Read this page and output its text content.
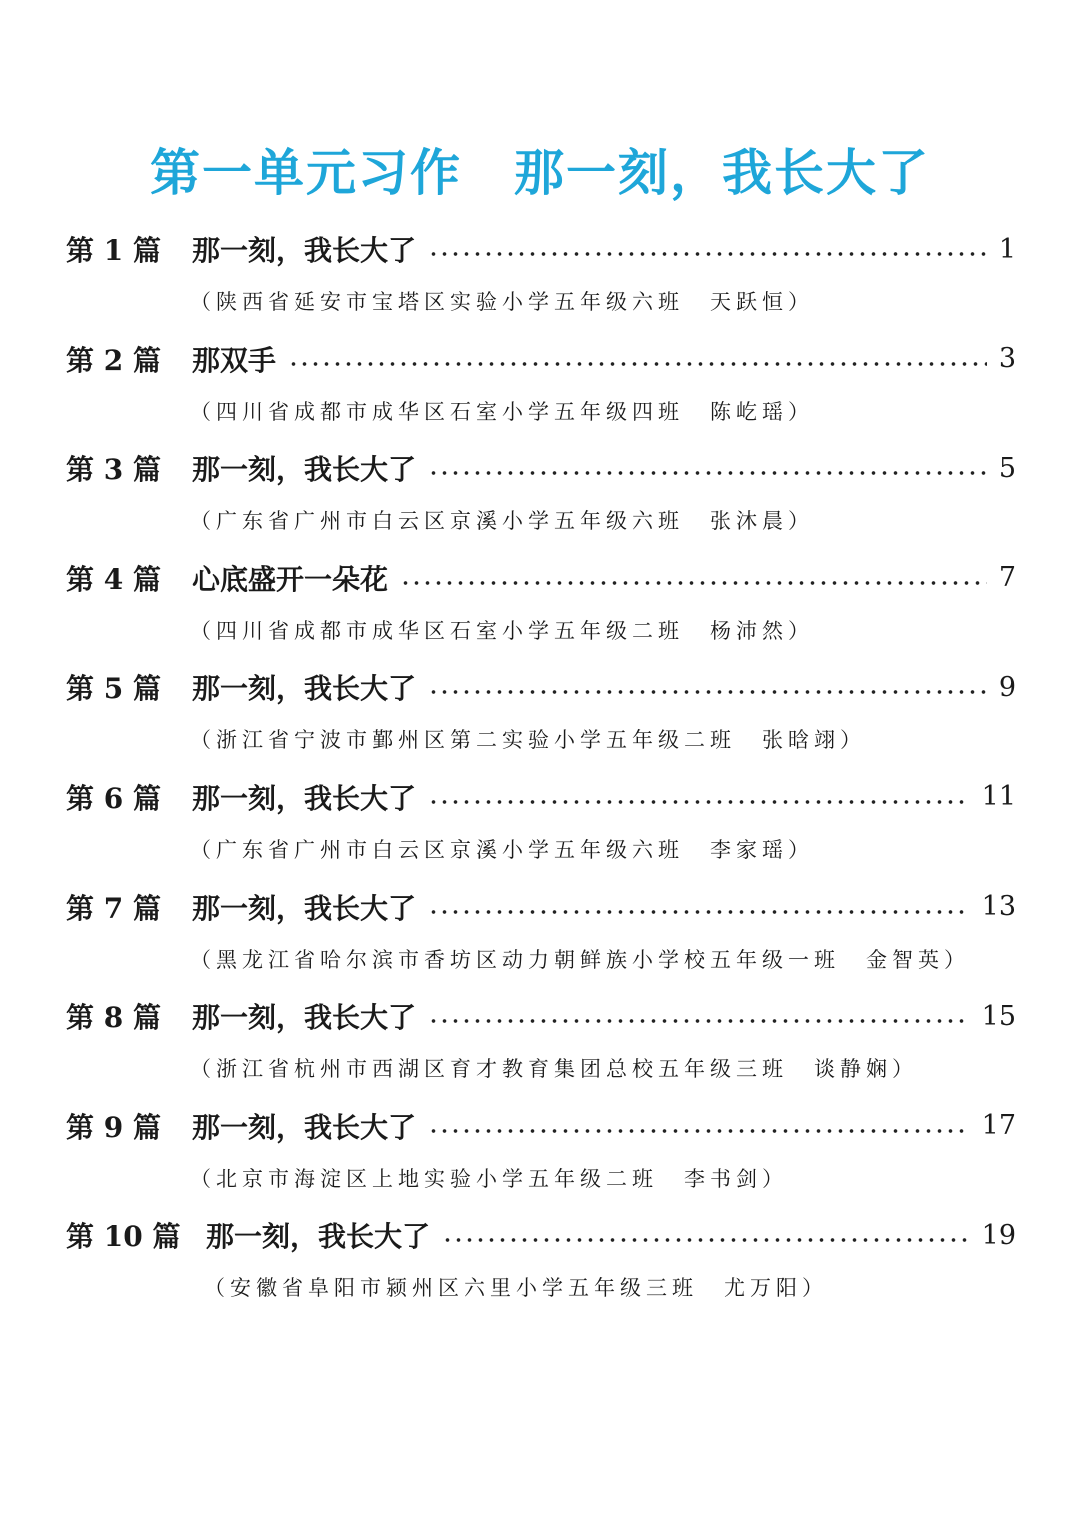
第一单元习作　那一刻，我长大了
第 1 篇	那一刻，我长大了	1
（陕西省延安市宝塔区实验小学五年级六班　天跃恒）
第 2 篇	那双手	3
（四川省成都市成华区石室小学五年级四班　陈屹瑶）
第 3 篇	那一刻，我长大了	5
（广东省广州市白云区京溪小学五年级六班　张沐晨）
第 4 篇	心底盛开一朵花	7
（四川省成都市成华区石室小学五年级二班　杨沛然）
第 5 篇	那一刻，我长大了	9
（浙江省宁波市鄞州区第二实验小学五年级二班　张晗翊）
第 6 篇	那一刻，我长大了	11
（广东省广州市白云区京溪小学五年级六班　李家瑶）
第 7 篇	那一刻，我长大了	13
（黑龙江省哈尔滨市香坊区动力朝鲜族小学校五年级一班　金智英）
第 8 篇	那一刻，我长大了	15
（浙江省杭州市西湖区育才教育集团总校五年级三班　谈静娴）
第 9 篇	那一刻，我长大了	17
（北京市海淀区上地实验小学五年级二班　李书剑）
第 10 篇 那一刻，我长大了	19
（安徽省阜阳市颍州区六里小学五年级三班　尤万阳）
